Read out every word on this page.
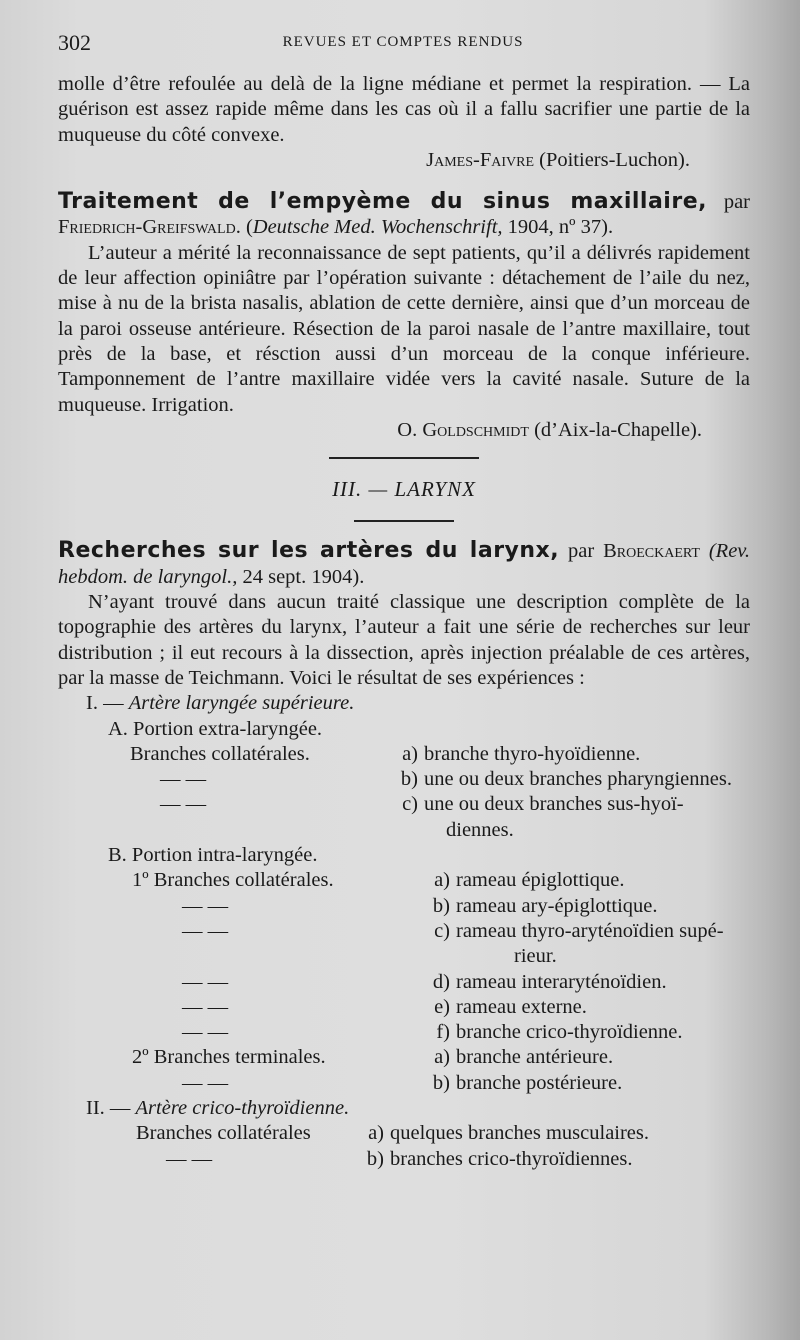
302	REVUES ET COMPTES RENDUS

molle d’être refoulée au delà de la ligne médiane et permet la respiration. — La guérison est assez rapide même dans les cas où il a fallu sacrifier une partie de la muqueuse du côté convexe.

James-Faivre (Poitiers-Luchon).

Traitement de l’empyème du sinus maxillaire, par Friedrich-Greifswald. (Deutsche Med. Wochenschrift, 1904, nº 37).

L’auteur a mérité la reconnaissance de sept patients, qu’il a délivrés rapidement de leur affection opiniâtre par l’opération suivante : détachement de l’aile du nez, mise à nu de la brista nasalis, ablation de cette dernière, ainsi que d’un morceau de la paroi osseuse antérieure. Résection de la paroi nasale de l’antre maxillaire, tout près de la base, et résction aussi d’un morceau de la conque inférieure. Tamponnement de l’antre maxillaire vidée vers la cavité nasale. Suture de la muqueuse. Irrigation.

O. Goldschmidt (d’Aix-la-Chapelle).

III. — LARYNX

Recherches sur les artères du larynx, par Broeckaert (Rev. hebdom. de laryngol., 24 sept. 1904).

N’ayant trouvé dans aucun traité classique une description complète de la topographie des artères du larynx, l’auteur a fait une série de recherches sur leur distribution ; il eut recours à la dissection, après injection préalable de ces artères, par la masse de Teichmann. Voici le résultat de ses expériences :

I. —
Artère laryngée supérieure.
A. Portion extra-laryngée.
Branches collatérales.	a) branche thyro-hyoïdienne.
— —	b) une ou deux branches pharyngiennes.
— —	c) une ou deux branches sus-hyoï-
diennes.
B. Portion intra-laryngée.
1º Branches collatérales.	a) rameau épiglottique.
— —	b) rameau ary-épiglottique.
— —	c) rameau thyro-aryténoïdien supé-
rieur.
— —	d) rameau interaryténoïdien.
— —	e) rameau externe.
— —	f) branche crico-thyroïdienne.
2º Branches terminales.	a) branche antérieure.
— —	b) branche postérieure.
II. —
Artère crico-thyroïdienne.
Branches collatérales	a) quelques branches musculaires.
— —	b) branches crico-thyroïdiennes.
